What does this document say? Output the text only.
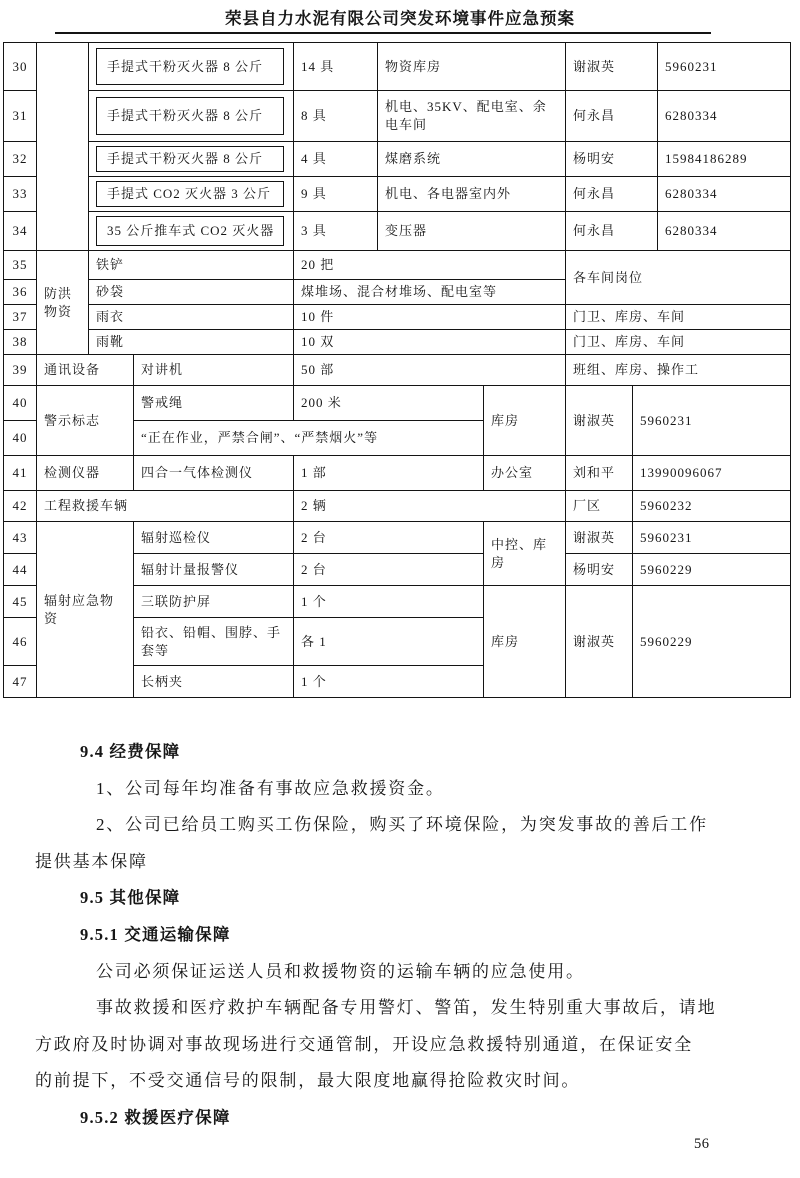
荣县自力水泥有限公司突发环境事件应急预案
30		手提式干粉灭火器 8 公斤		14 具	物资库房		谢淑英		5960231
31		手提式干粉灭火器 8 公斤		8 具	机电、35KV、配电室、余电车间		何永昌		6280334
32		手提式干粉灭火器 8 公斤		4 具	煤磨系统		杨明安		15984186289
33		手提式 CO2 灭火器 3 公斤		9 具	机电、各电器室内外		何永昌		6280334
34		35 公斤推车式 CO2 灭火器		3 具	变压器		何永昌		6280334
35	防洪物资	铁铲		20 把			各车间岗位		
36		砂袋		煤堆场、混合材堆场、配电室等					
37		雨衣		10 件			门卫、库房、车间		
38		雨靴		10 双			门卫、库房、车间		
39	通讯设备		对讲机	50 部			班组、库房、操作工		
40	警示标志		警戒绳	200 米		库房	谢淑英	5960231	
40			“正在作业，严禁合闸”、“严禁烟火”等						
41	检测仪器		四合一气体检测仪	1 部		办公室	刘和平	13990096067	
42	工程救援车辆			2 辆			厂区	5960232	
43	辐射应急物资		辐射巡检仪	2 台		中控、库房	谢淑英	5960231	
44			辐射计量报警仪	2 台			杨明安	5960229	
45			三联防护屏	1 个		库房	谢淑英	5960229	
46			铅衣、铅帽、围脖、手套等	各 1					
47			长柄夹	1 个					
9.4 经费保障
1、公司每年均准备有事故应急救援资金。
2、公司已给员工购买工伤保险，购买了环境保险，为突发事故的善后工作
提供基本保障
9.5 其他保障
9.5.1 交通运输保障
公司必须保证运送人员和救援物资的运输车辆的应急使用。
事故救援和医疗救护车辆配备专用警灯、警笛，发生特别重大事故后，请地
方政府及时协调对事故现场进行交通管制，开设应急救援特别通道，在保证安全
的前提下，不受交通信号的限制，最大限度地赢得抢险救灾时间。
9.5.2 救援医疗保障
56
